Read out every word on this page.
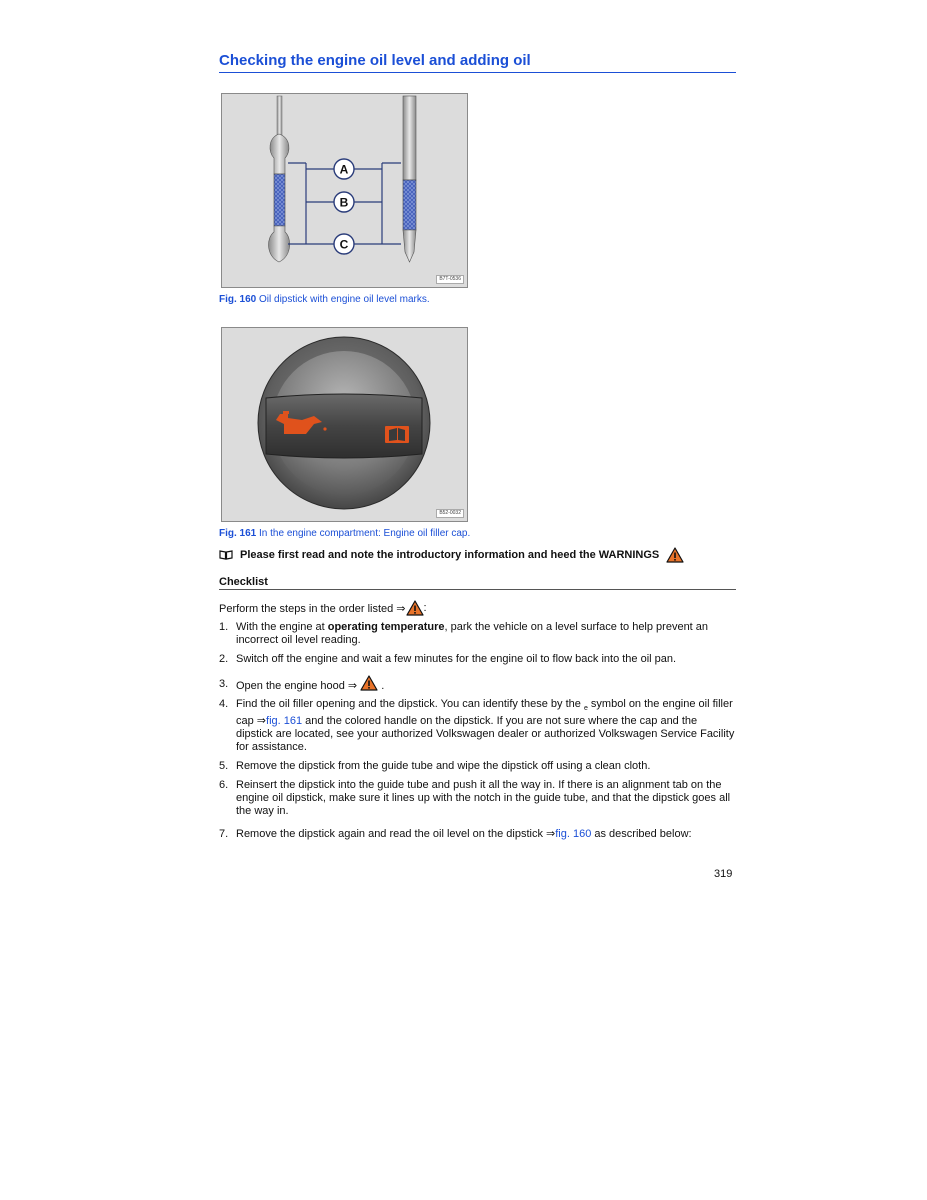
Checking the engine oil level and adding oil
A
B
C
B7T-0536
Fig. 160 Oil dipstick with engine oil level marks.
B52-0032
Fig. 161 In the engine compartment: Engine oil filler cap.
Please first read and note the introductory information and heed the WARNINGS
Checklist
Perform the steps in the order listed ⇒ :
1. With the engine at operating temperature, park the vehicle on a level surface to help prevent an incorrect oil level reading.
2. Switch off the engine and wait a few minutes for the engine oil to flow back into the oil pan.
3. Open the engine hood ⇒  .
4. Find the oil filler opening and the dipstick. You can identify these by the $_e$ symbol on the engine oil filler cap ⇒fig. 161 and the colored handle on the dipstick. If you are not sure where the cap and the dipstick are located, see your authorized Volkswagen dealer or authorized Volkswagen Service Facility for assistance.
5. Remove the dipstick from the guide tube and wipe the dipstick off using a clean cloth.
6. Reinsert the dipstick into the guide tube and push it all the way in. If there is an alignment tab on the engine oil dipstick, make sure it lines up with the notch in the guide tube, and that the dipstick goes all the way in.
7. Remove the dipstick again and read the oil level on the dipstick ⇒fig. 160 as described below:
319
